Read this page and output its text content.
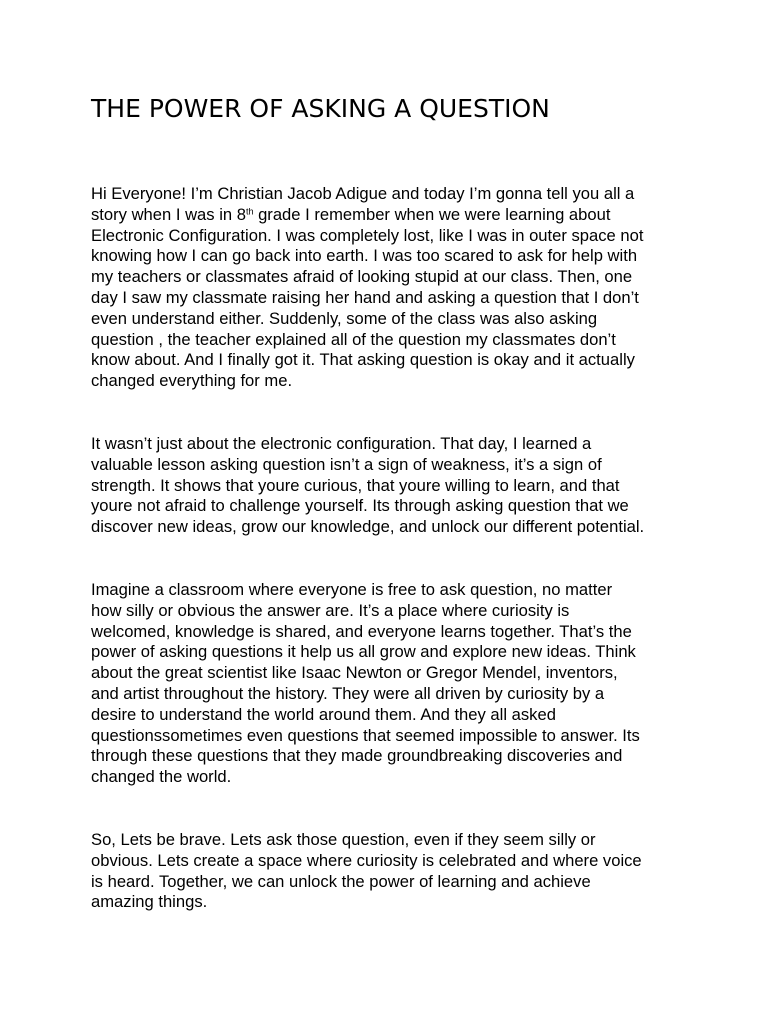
THE POWER OF ASKING A QUESTION
Hi Everyone! I’m Christian Jacob Adigue and today I’m gonna tell you all a
story when I was in 8th grade I remember when we were learning about
Electronic Configuration. I was completely lost, like I was in outer space not
knowing how I can go back into earth. I was too scared to ask for help with
my teachers or classmates afraid of looking stupid at our class. Then, one
day I saw my classmate raising her hand and asking a question that I don’t
even understand either. Suddenly, some of the class was also asking
question , the teacher explained all of the question my classmates don’t
know about. And I finally got it. That asking question is okay and it actually
changed everything for me.
It wasn’t just about the electronic configuration. That day, I learned a
valuable lesson asking question isn’t a sign of weakness, it’s a sign of
strength. It shows that youre curious, that youre willing to learn, and that
youre not afraid to challenge yourself. Its through asking question that we
discover new ideas, grow our knowledge, and unlock our different potential.
Imagine a classroom where everyone is free to ask question, no matter
how silly or obvious the answer are. It’s a place where curiosity is
welcomed, knowledge is shared, and everyone learns together. That’s the
power of asking questions it help us all grow and explore new ideas. Think
about the great scientist like Isaac Newton or Gregor Mendel, inventors,
and artist throughout the history. They were all driven by curiosity by a
desire to understand the world around them. And they all asked
questionssometimes even questions that seemed impossible to answer. Its
through these questions that they made groundbreaking discoveries and
changed the world.
So, Lets be brave. Lets ask those question, even if they seem silly or
obvious. Lets create a space where curiosity is celebrated and where voice
is heard. Together, we can unlock the power of learning and achieve
amazing things.
